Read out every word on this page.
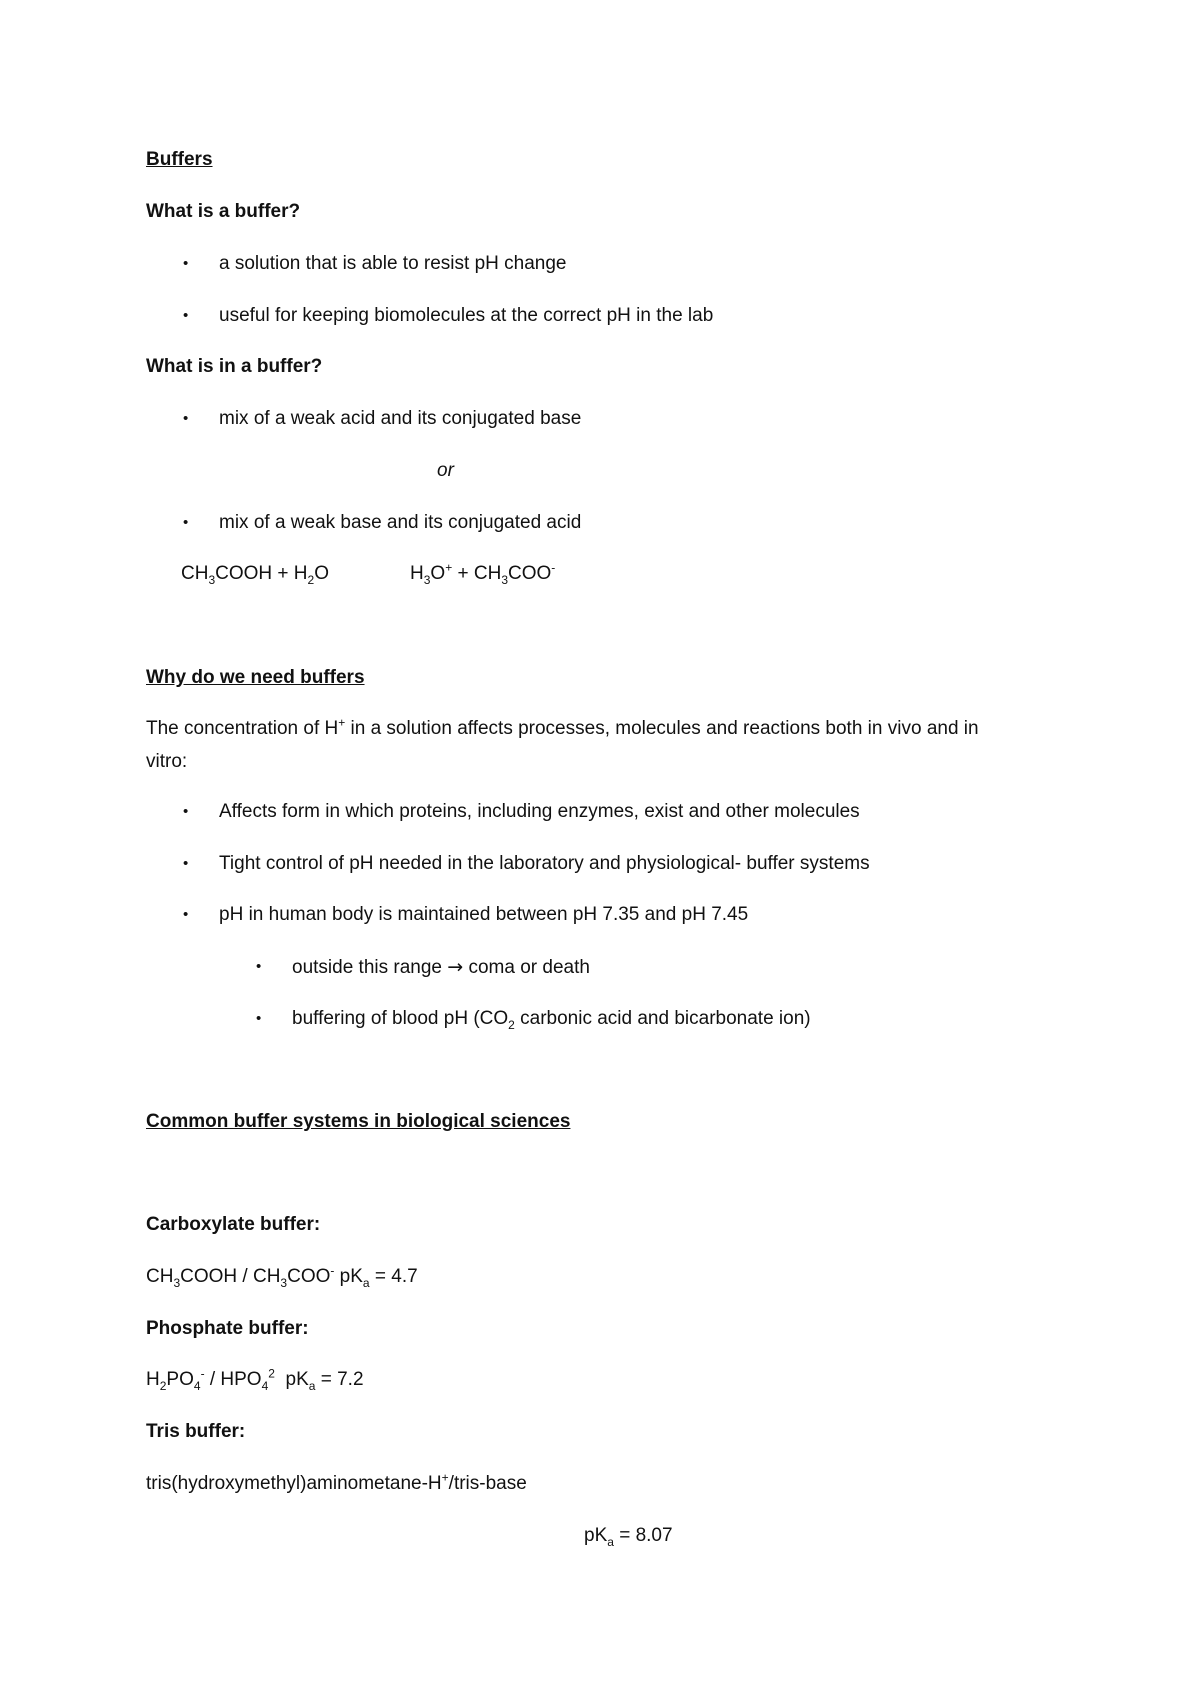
Buffers
What is a buffer?
• a solution that is able to resist pH change
• useful for keeping biomolecules at the correct pH in the lab
What is in a buffer?
• mix of a weak acid and its conjugated base
or
• mix of a weak base and its conjugated acid
$CH_3COOH + H_2O$	$H_3O^+ + CH_3COO^-$
Why do we need buffers
The concentration of H+ in a solution affects processes, molecules and reactions both in vivo and in
vitro:
• Affects form in which proteins, including enzymes, exist and other molecules
• Tight control of pH needed in the laboratory and physiological- buffer systems
• pH in human body is maintained between pH 7.35 and pH 7.45
• outside this range → coma or death
• buffering of blood pH ($CO_2$ carbonic acid and bicarbonate ion)
Common buffer systems in biological sciences
Carboxylate buffer:
$CH_3COOH / CH_3COO^-$ $pK_a = 4.7$
Phosphate buffer:
$H_2PO_4^- / HPO_4^2$  $pK_a = 7.2$
Tris buffer:
tris(hydroxymethyl)aminometane-H+/tris-base
$pK_a = 8.07$
